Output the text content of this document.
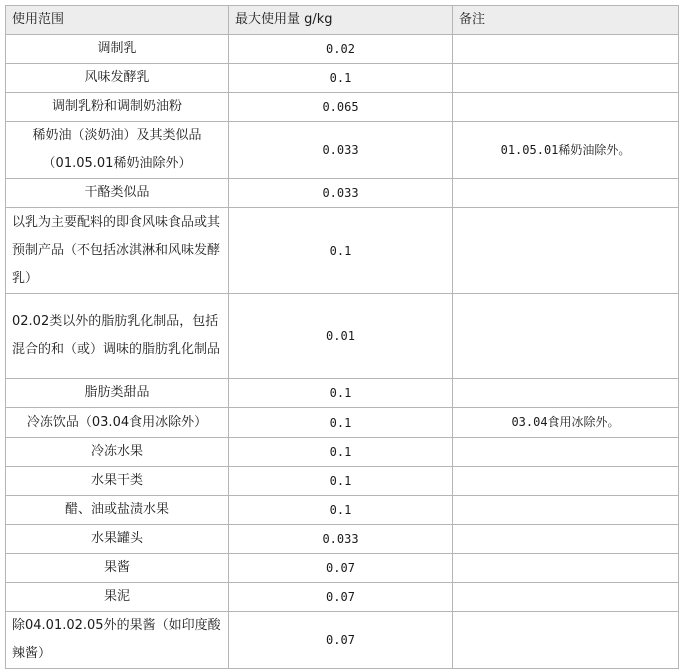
使用范围	最大使用量 g/kg	备注
调制乳	0.02	
风味发酵乳	0.1	
调制乳粉和调制奶油粉	0.065	
稀奶油（淡奶油）及其类似品（01.05.01稀奶油除外）	0.033	01.05.01稀奶油除外。
干酪类似品	0.033	
以乳为主要配料的即食风味食品或其预制产品（不包括冰淇淋和风味发酵乳）	0.1	
02.02类以外的脂肪乳化制品，包括混合的和（或）调味的脂肪乳化制品	0.01	
脂肪类甜品	0.1	
冷冻饮品（03.04食用冰除外）	0.1	03.04食用冰除外。
冷冻水果	0.1	
水果干类	0.1	
醋、油或盐渍水果	0.1	
水果罐头	0.033	
果酱	0.07	
果泥	0.07	
除04.01.02.05外的果酱（如印度酸辣酱）	0.07	
